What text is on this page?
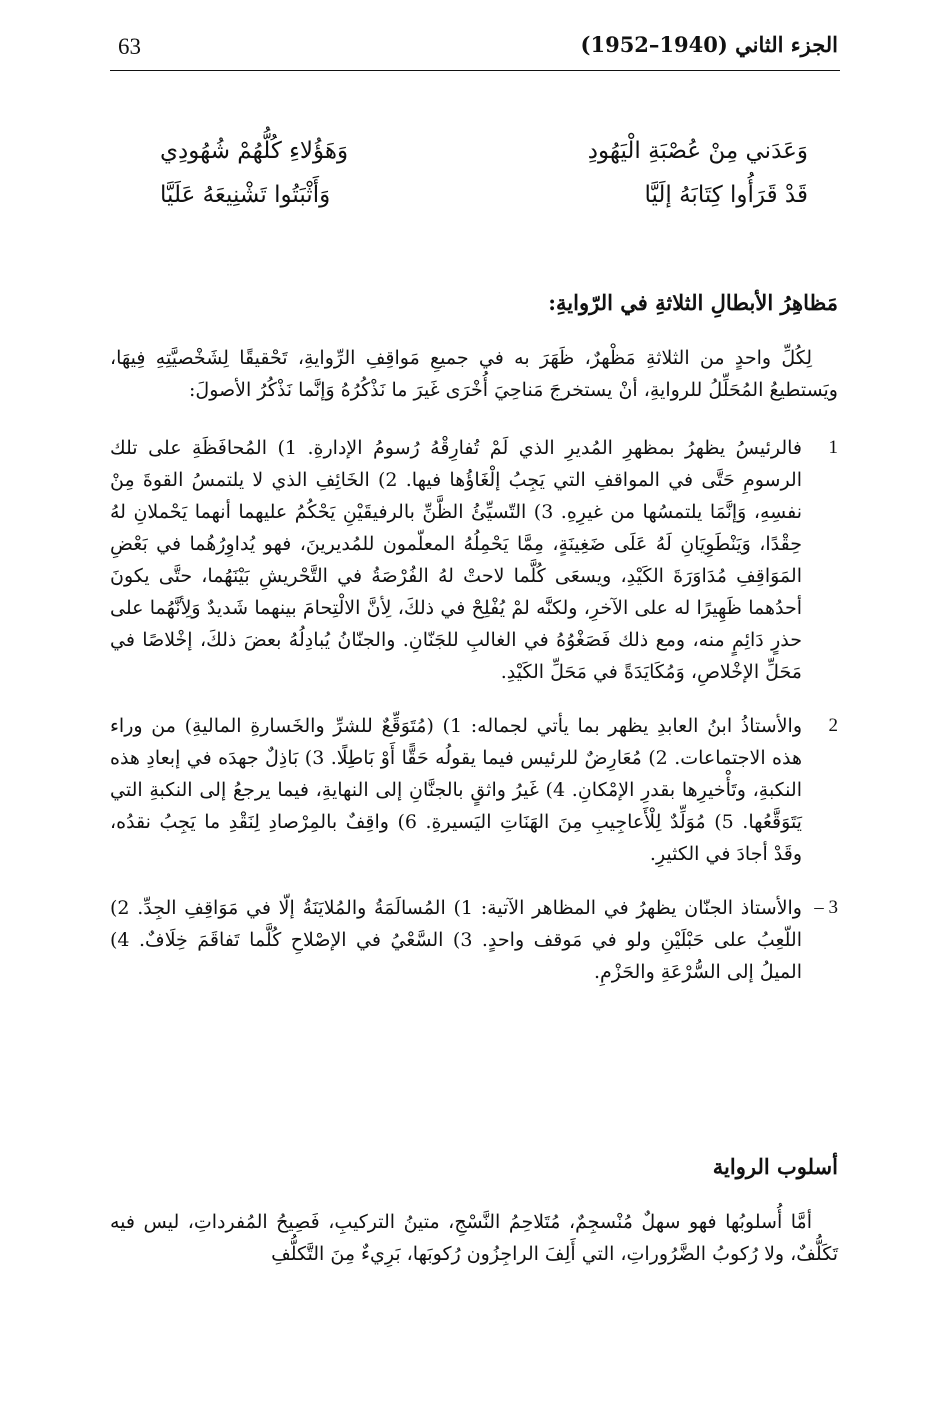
63	الجزء الثاني (1940–1952)
وَعَدَني مِنْ عُصْبَةِ الْيَهُودِ
وَهَؤُلاءِ كُلُّهُمْ شُهُودِي
قَدْ قَرَأُوا كِتَابَهُ إلَيَّا
وَأَثْبَتُوا تَشْنِيعَهُ عَلَيَّا
مَظاهِرُ الأبطالِ الثلاثةِ في الرّوايةِ:

لِكُلِّ واحدٍ من الثلاثةِ مَظْهرٌ، ظَهَرَ به في جميعِ مَواقِفِ الرِّوايةِ، تَحْقيقًا لِشَخْصيَّتِهِ فِيهَا، ويَستطيعُ المُحَلِّلُ للروايةِ، أنْ يستخرجَ مَناحِيَ أُخْرَى غَيرَ ما نَذْكُرُهُ وَإنَّما نَذْكُرُ الأصولَ:

1

فالرئيسُ يظهرُ بمظهرِ المُديرِ الذي لَمْ تُفارِقْهُ رُسومُ الإدارةِ. 1) المُحافَظَةِ على تلك الرسومِ حَتَّى في المواقفِ التي يَجِبُ إلْغَاؤُها فيها. 2) الخَائِفِ الذي لا يلتمسُ القوةَ مِنْ نفسِهِ، وَإنَّمَا يلتمسُها من غيرِهِ. 3) التّسيِّئُ الظَّنِّ بالرفيقَيْنِ يَحْكُمُ عليهما أنهما يَحْملانِ لهُ حِقْدًا، وَيَنْطَوِيَانِ لَهُ عَلَى ضَغِينَةٍ، مِمَّا يَحْمِلُهُ المعلّمون للمُديرينَ، فهو يُداوِرُهُما في بَعْضِ المَوَاقِفِ مُدَاوَرَةَ الكَيْدِ، ويسعَى كُلَّما لاحتْ لهُ الفُرْصَةُ في التَّحْريشِ بَيْنَهُما، حتَّى يكونَ أحدُهما ظَهِيرًا له على الآخرِ، ولكنَّه لمْ يُفْلِحْ في ذلكَ، لِأنَّ الالْتِحامَ بينهما شَديدٌ وَلِأنَّهُما على حذرٍ دَائِمٍ منه، ومع ذلك فَصَغْوُهُ في الغالبِ للجَنّانِ. والجنّانُ يُبادِلُهُ بعضَ ذلكَ، إخْلاصًا في مَحَلِّ الإخْلاصِ، وَمُكَايَدَةً في مَحَلِّ الكَيْدِ.

2

والأستاذُ ابنُ العابدِ يظهر بما يأتي لجماله: 1) (مُتَوَقِّعٌ للشرِّ والخَسارةِ الماليةِ) من وراء هذه الاجتماعات. 2) مُعَارِضٌ للرئيس فيما يقولُه حَقًّا أَوْ بَاطِلًا. 3) بَاذِلٌ جهدَه في إبعادِ هذه النكبةِ، وتَأْخيرِها بقدرِ الإمْكانِ. 4) غَيرُ واثقٍ بالجنَّانِ إلى النهايةِ، فيما يرجعُ إلى النكبةِ التي يَتَوَقَّعُها. 5) مُوَلِّدٌ لِلْأَعاجِيبِ مِنَ الهَنَاتِ اليَسيرةِ. 6) واقِفٌ بالمِرْصادِ لِنَقْدِ ما يَجِبُ نقدُه، وقَدْ أجادَ في الكثيرِ.

3 –

والأستاذ الجنّان يظهرُ في المظاهر الآتية: 1) المُسالَمَةُ والمُلايَنَةُ إلّا في مَوَاقِفِ الجِدِّ. 2) اللّعِبُ على حَبْلَيْنِ ولو في مَوقف واحدٍ. 3) السَّعْيُ في الإصْلاحِ كُلَّما تَفاقَمَ خِلَافٌ. 4) الميلُ إلى السُّرْعَةِ والحَزْمِ.

أسلوب الرواية

أمَّا أُسلوبُها فهو سهلٌ مُنْسجِمٌ، مُتَلاحِمُ النَّسْجِ، متينُ التركيبِ، فَصِيحُ المُفرداتِ، ليس فيه تَكَلُّفٌ، ولا رُكوبُ الضَّرُوراتِ، التي أَلِفَ الراجِزُون رُكوبَها، بَرِيءٌ مِنَ التَّكلُّفِ
